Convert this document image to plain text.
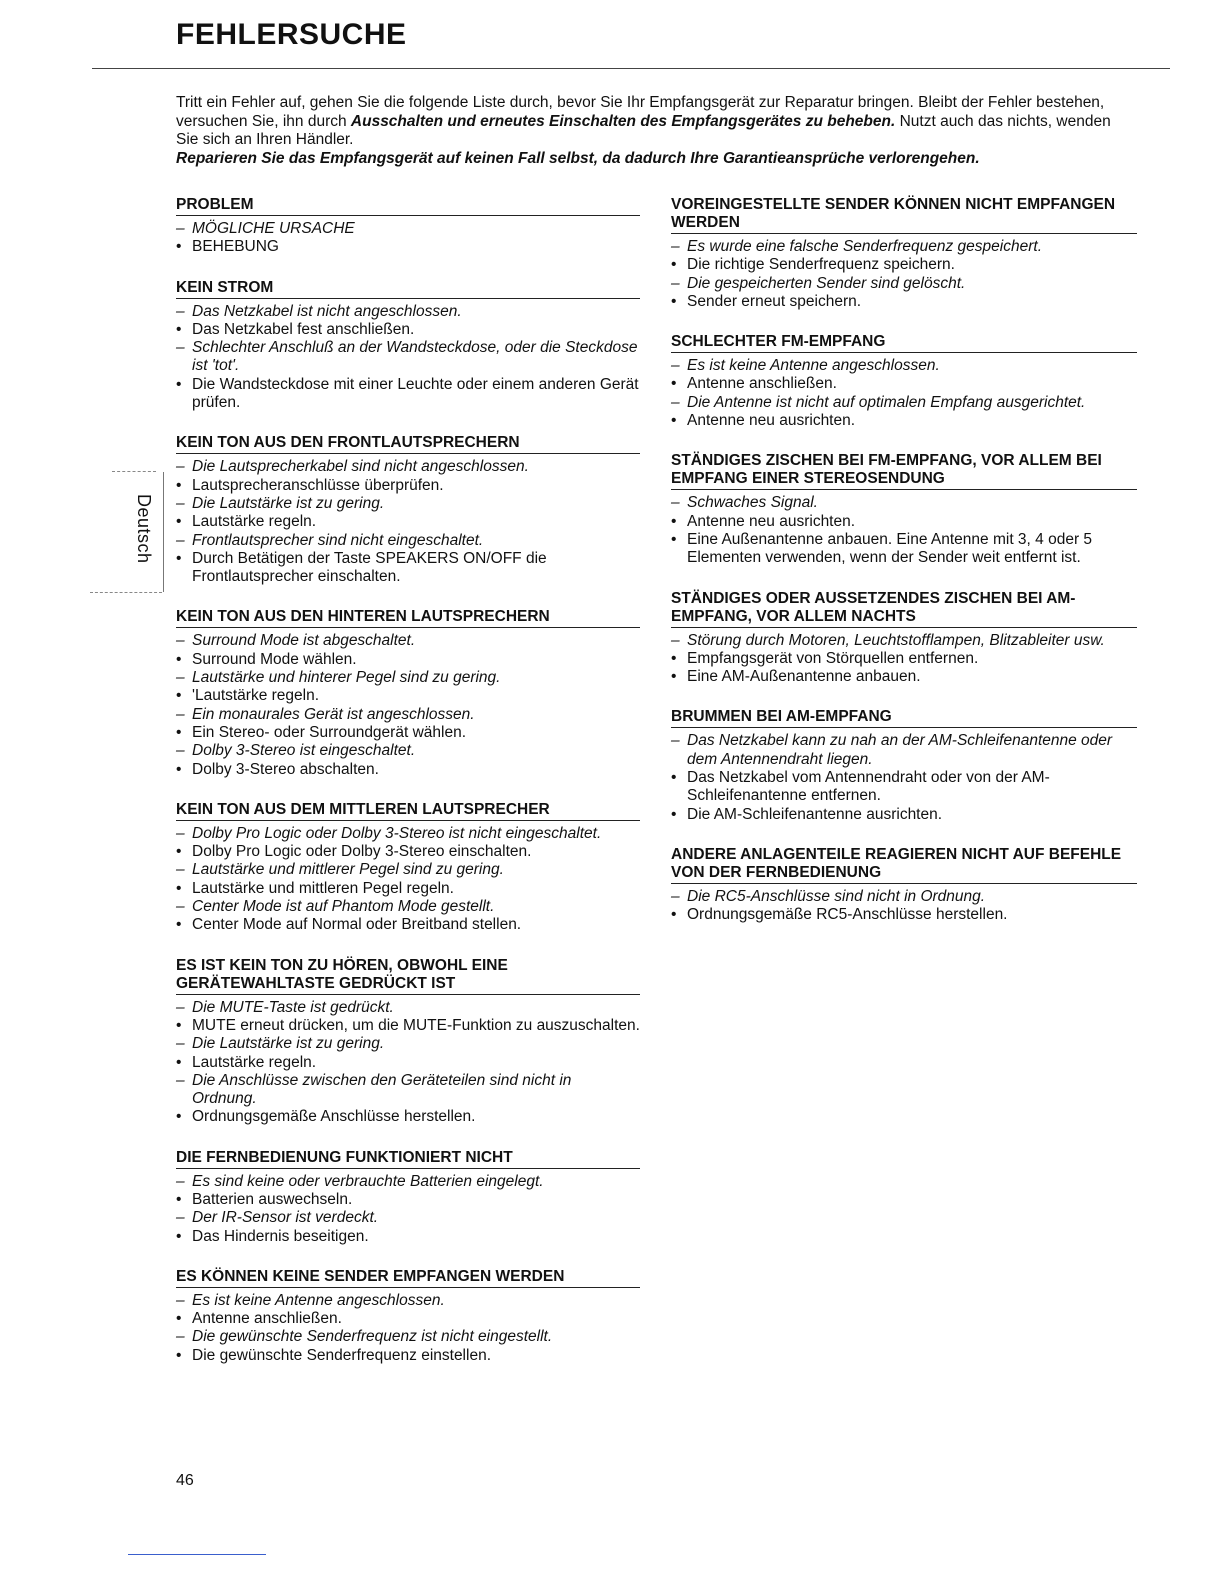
FEHLERSUCHE

Tritt ein Fehler auf, gehen Sie die folgende Liste durch, bevor Sie Ihr Empfangsgerät zur Reparatur bringen. Bleibt der Fehler bestehen, versuchen Sie, ihn durch Ausschalten und erneutes Einschalten des Empfangsgerätes zu beheben. Nutzt auch das nichts, wenden Sie sich an Ihren Händler.

Reparieren Sie das Empfangsgerät auf keinen Fall selbst, da dadurch Ihre Garantieansprüche verlorengehen.

Deutsch
PROBLEM
– MÖGLICHE URSACHE
• BEHEBUNG
KEIN STROM
– Das Netzkabel ist nicht angeschlossen.
• Das Netzkabel fest anschließen.
– Schlechter Anschluß an der Wandsteckdose, oder die Steckdose ist 'tot'.
• Die Wandsteckdose mit einer Leuchte oder einem anderen Gerät prüfen.
KEIN TON AUS DEN FRONTLAUTSPRECHERN
– Die Lautsprecherkabel sind nicht angeschlossen.
• Lautsprecheranschlüsse überprüfen.
– Die Lautstärke ist zu gering.
• Lautstärke regeln.
– Frontlautsprecher sind nicht eingeschaltet.
• Durch Betätigen der Taste SPEAKERS ON/OFF die Frontlautsprecher einschalten.
KEIN TON AUS DEN HINTEREN LAUTSPRECHERN
– Surround Mode ist abgeschaltet.
• Surround Mode wählen.
– Lautstärke und hinterer Pegel sind zu gering.
• 'Lautstärke regeln.
– Ein monaurales Gerät ist angeschlossen.
• Ein Stereo- oder Surroundgerät wählen.
– Dolby 3-Stereo ist eingeschaltet.
• Dolby 3-Stereo abschalten.
KEIN TON AUS DEM MITTLEREN LAUTSPRECHER
– Dolby Pro Logic oder Dolby 3-Stereo ist nicht eingeschaltet.
• Dolby Pro Logic oder Dolby 3-Stereo einschalten.
– Lautstärke und mittlerer Pegel sind zu gering.
• Lautstärke und mittleren Pegel regeln.
– Center Mode ist auf Phantom Mode gestellt.
• Center Mode auf Normal oder Breitband stellen.
ES IST KEIN TON ZU HÖREN, OBWOHL EINE GERÄTEWAHLTASTE GEDRÜCKT IST
– Die MUTE-Taste ist gedrückt.
• MUTE erneut drücken, um die MUTE-Funktion zu auszuschalten.
– Die Lautstärke ist zu gering.
• Lautstärke regeln.
– Die Anschlüsse zwischen den Geräteteilen sind nicht in Ordnung.
• Ordnungsgemäße Anschlüsse herstellen.
DIE FERNBEDIENUNG FUNKTIONIERT NICHT
– Es sind keine oder verbrauchte Batterien eingelegt.
• Batterien auswechseln.
– Der IR-Sensor ist verdeckt.
• Das Hindernis beseitigen.
ES KÖNNEN KEINE SENDER EMPFANGEN WERDEN
– Es ist keine Antenne angeschlossen.
• Antenne anschließen.
– Die gewünschte Senderfrequenz ist nicht eingestellt.
• Die gewünschte Senderfrequenz einstellen.
VOREINGESTELLTE SENDER KÖNNEN NICHT EMPFANGEN WERDEN
– Es wurde eine falsche Senderfrequenz gespeichert.
• Die richtige Senderfrequenz speichern.
– Die gespeicherten Sender sind gelöscht.
• Sender erneut speichern.
SCHLECHTER FM-EMPFANG
– Es ist keine Antenne angeschlossen.
• Antenne anschließen.
– Die Antenne ist nicht auf optimalen Empfang ausgerichtet.
• Antenne neu ausrichten.
STÄNDIGES ZISCHEN BEI FM-EMPFANG, VOR ALLEM BEI EMPFANG EINER STEREOSENDUNG
– Schwaches Signal.
• Antenne neu ausrichten.
• Eine Außenantenne anbauen. Eine Antenne mit 3, 4 oder 5 Elementen verwenden, wenn der Sender weit entfernt ist.
STÄNDIGES ODER AUSSETZENDES ZISCHEN BEI AM-EMPFANG, VOR ALLEM NACHTS
– Störung durch Motoren, Leuchtstofflampen, Blitzableiter usw.
• Empfangsgerät von Störquellen entfernen.
• Eine AM-Außenantenne anbauen.
BRUMMEN BEI AM-EMPFANG
– Das Netzkabel kann zu nah an der AM-Schleifenantenne oder dem Antennendraht liegen.
• Das Netzkabel vom Antennendraht oder von der AM-Schleifenantenne entfernen.
• Die AM-Schleifenantenne ausrichten.
ANDERE ANLAGENTEILE REAGIEREN NICHT AUF BEFEHLE VON DER FERNBEDIENUNG
– Die RC5-Anschlüsse sind nicht in Ordnung.
• Ordnungsgemäße RC5-Anschlüsse herstellen.
46
